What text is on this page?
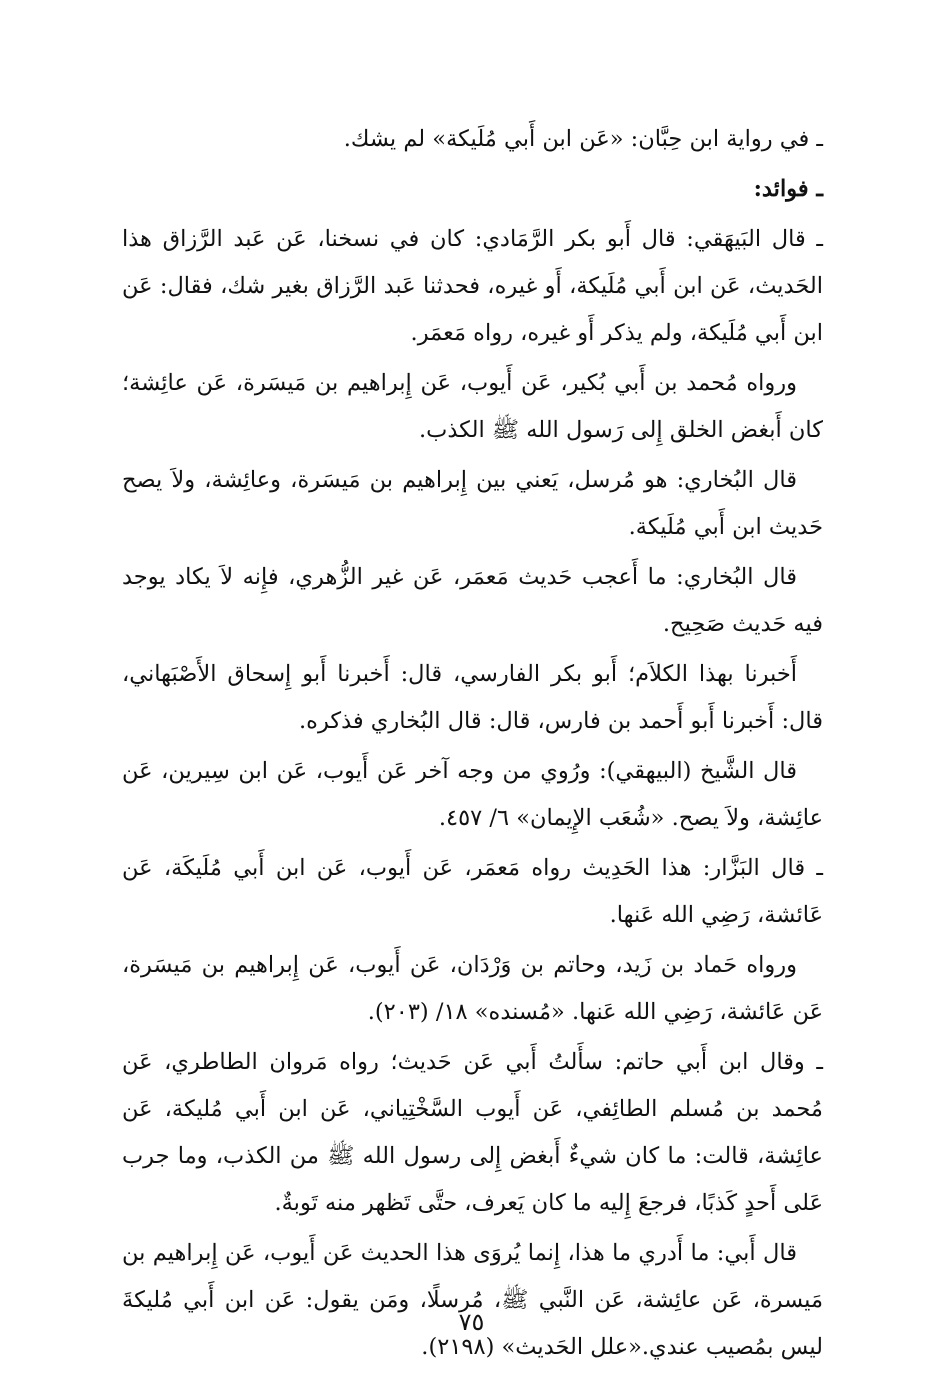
ـ في رواية ابن حِبَّان: «عَن ابن أَبي مُلَيكة» لم يشك.

ـ فوائد:

ـ قال البَيهَقي: قال أَبو بكر الرَّمَادي: كان في نسخنا، عَن عَبد الرَّزاق هذا الحَديث، عَن ابن أَبي مُلَيكة، أَو غيره، فحدثنا عَبد الرَّزاق بغير شك، فقال: عَن ابن أَبي مُلَيكة، ولم يذكر أَو غيره، رواه مَعمَر.

ورواه مُحمد بن أَبي بُكير، عَن أَيوب، عَن إِبراهيم بن مَيسَرة، عَن عائِشة؛ كان أَبغض الخلق إِلى رَسول الله ﷺ الكذب.

قال البُخاري: هو مُرسل، يَعني بين إِبراهيم بن مَيسَرة، وعائِشة، ولاَ يصح حَديث ابن أَبي مُلَيكة.

قال البُخاري: ما أَعجب حَديث مَعمَر، عَن غير الزُّهري، فإِنه لاَ يكاد يوجد فيه حَديث صَحِيح.

أَخبرنا بهذا الكلاَم؛ أَبو بكر الفارسي، قال: أَخبرنا أَبو إِسحاق الأَصْبَهاني، قال: أَخبرنا أَبو أَحمد بن فارس، قال: قال البُخاري فذكره.

قال الشَّيخ (البيهقي): ورُوي من وجه آخر عَن أَيوب، عَن ابن سِيرين، عَن عائِشة، ولاَ يصح. «شُعَب الإِيمان» ٦/ ٤٥٧.

ـ قال البَزَّار: هذا الحَدِيث رواه مَعمَر، عَن أَيوب، عَن ابن أَبي مُلَيكَة، عَن عَائشة، رَضِي الله عَنها.

ورواه حَماد بن زَيد، وحاتم بن وَرْدَان، عَن أَيوب، عَن إِبراهيم بن مَيسَرة، عَن عَائشة، رَضِي الله عَنها. «مُسنده» ١٨/ (٢٠٣).

ـ وقال ابن أَبي حاتم: سأَلتُ أَبي عَن حَديث؛ رواه مَروان الطاطري، عَن مُحمد بن مُسلم الطائِفي، عَن أَيوب السَّخْتِياني، عَن ابن أَبي مُليكة، عَن عائِشة، قالت: ما كان شيءٌ أَبغض إِلى رسول الله ﷺ من الكذب، وما جرب عَلى أَحدٍ كَذبًا، فرجعَ إِليه ما كان يَعرف، حتَّى تَظهر منه تَوبةٌ.

قال أَبي: ما أَدري ما هذا، إِنما يُروَى هذا الحديث عَن أَيوب، عَن إِبراهيم بن مَيسرة، عَن عائِشة، عَن النَّبي ﷺ، مُرسلًا، ومَن يقول: عَن ابن أَبي مُليكةَ ليس بمُصيب عندي.«علل الحَديث» (٢١٩٨).

٧٥
